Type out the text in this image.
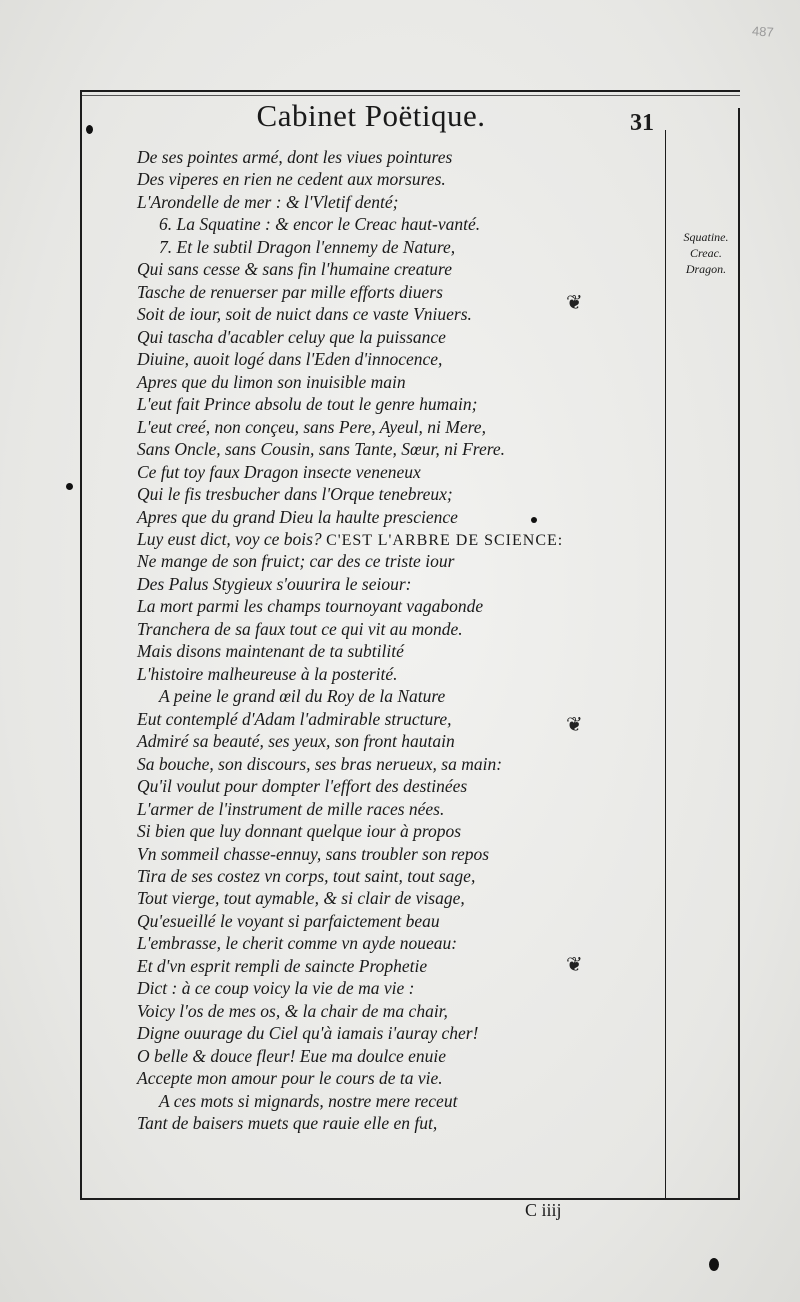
487
Cabinet Poëtique.	31
De ses pointes armé, dont les viues pointures
Des viperes en rien ne cedent aux morsures.
L'Arondelle de mer : & l'Vletif denté;
6. La Squatine : & encor le Creac haut-vanté.
7. Et le subtil Dragon l'ennemy de Nature,
Qui sans cesse & sans fin l'humaine creature
Tasche de renuerser par mille efforts diuers
Soit de iour, soit de nuict dans ce vaste Vniuers.
Qui tascha d'acabler celuy que la puissance
Diuine, auoit logé dans l'Eden d'innocence,
Apres que du limon son inuisible main
L'eut fait Prince absolu de tout le genre humain;
L'eut creé, non conçeu, sans Pere, Ayeul, ni Mere,
Sans Oncle, sans Cousin, sans Tante, Sœur, ni Frere.
Ce fut toy faux Dragon insecte veneneux
Qui le fis tresbucher dans l'Orque tenebreux;
Apres que du grand Dieu la haulte prescience
Luy eust dict, voy ce bois? C'EST L'ARBRE DE SCIENCE:
Ne mange de son fruict; car des ce triste iour
Des Palus Stygieux s'ouurira le seiour:
La mort parmi les champs tournoyant vagabonde
Tranchera de sa faux tout ce qui vit au monde.
Mais disons maintenant de ta subtilité
L'histoire malheureuse à la posterité.
A peine le grand œil du Roy de la Nature
Eut contemplé d'Adam l'admirable structure,
Admiré sa beauté, ses yeux, son front hautain
Sa bouche, son discours, ses bras nerueux, sa main:
Qu'il voulut pour dompter l'effort des destinées
L'armer de l'instrument de mille races nées.
Si bien que luy donnant quelque iour à propos
Vn sommeil chasse-ennuy, sans troubler son repos
Tira de ses costez vn corps, tout saint, tout sage,
Tout vierge, tout aymable, & si clair de visage,
Qu'esueillé le voyant si parfaictement beau
L'embrasse, le cherit comme vn ayde noueau:
Et d'vn esprit rempli de saincte Prophetie
Dict : à ce coup voicy la vie de ma vie :
Voicy l'os de mes os, & la chair de ma chair,
Digne ouurage du Ciel qu'à iamais i'auray cher!
O belle & douce fleur! Eue ma doulce enuie
Accepte mon amour pour le cours de ta vie.
A ces mots si mignards, nostre mere receut
Tant de baisers muets que rauie elle en fut,
Squatine.
Creac.
Dragon.
❦
❦
❦
C iiij
